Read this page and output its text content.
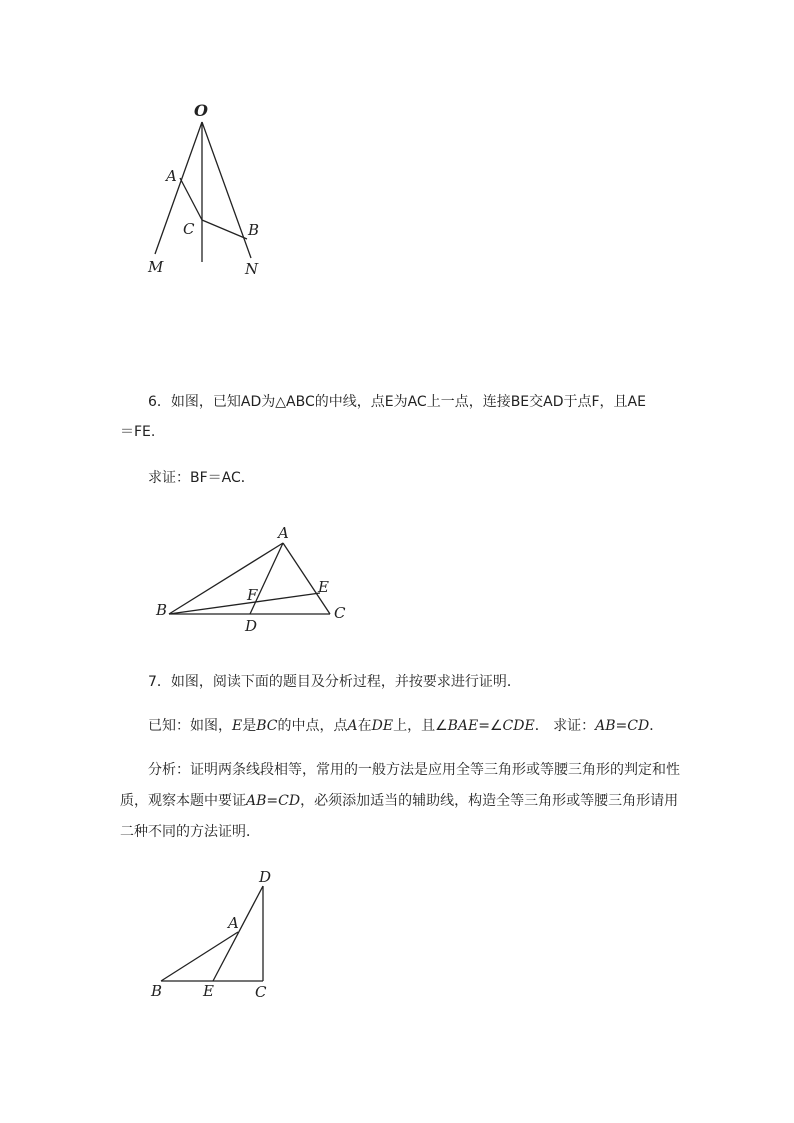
O
A
C	B
M	N

6．如图，已知AD为△ABC的中线，点E为AC上一点，连接BE交AD于点F，且AE

＝FE.

求证：BF＝AC．

A
B	C
D
E
F

7．如图，阅读下面的题目及分析过程，并按要求进行证明．

已知：如图，E是BC的中点，点A在DE上，且∠BAE=∠CDE． 求证：AB=CD．

分析：证明两条线段相等，常用的一般方法是应用全等三角形或等腰三角形的判定和性

质，观察本题中要证AB=CD，必须添加适当的辅助线，构造全等三角形或等腰三角形请用

二种不同的方法证明．

D
A
B	E	C
